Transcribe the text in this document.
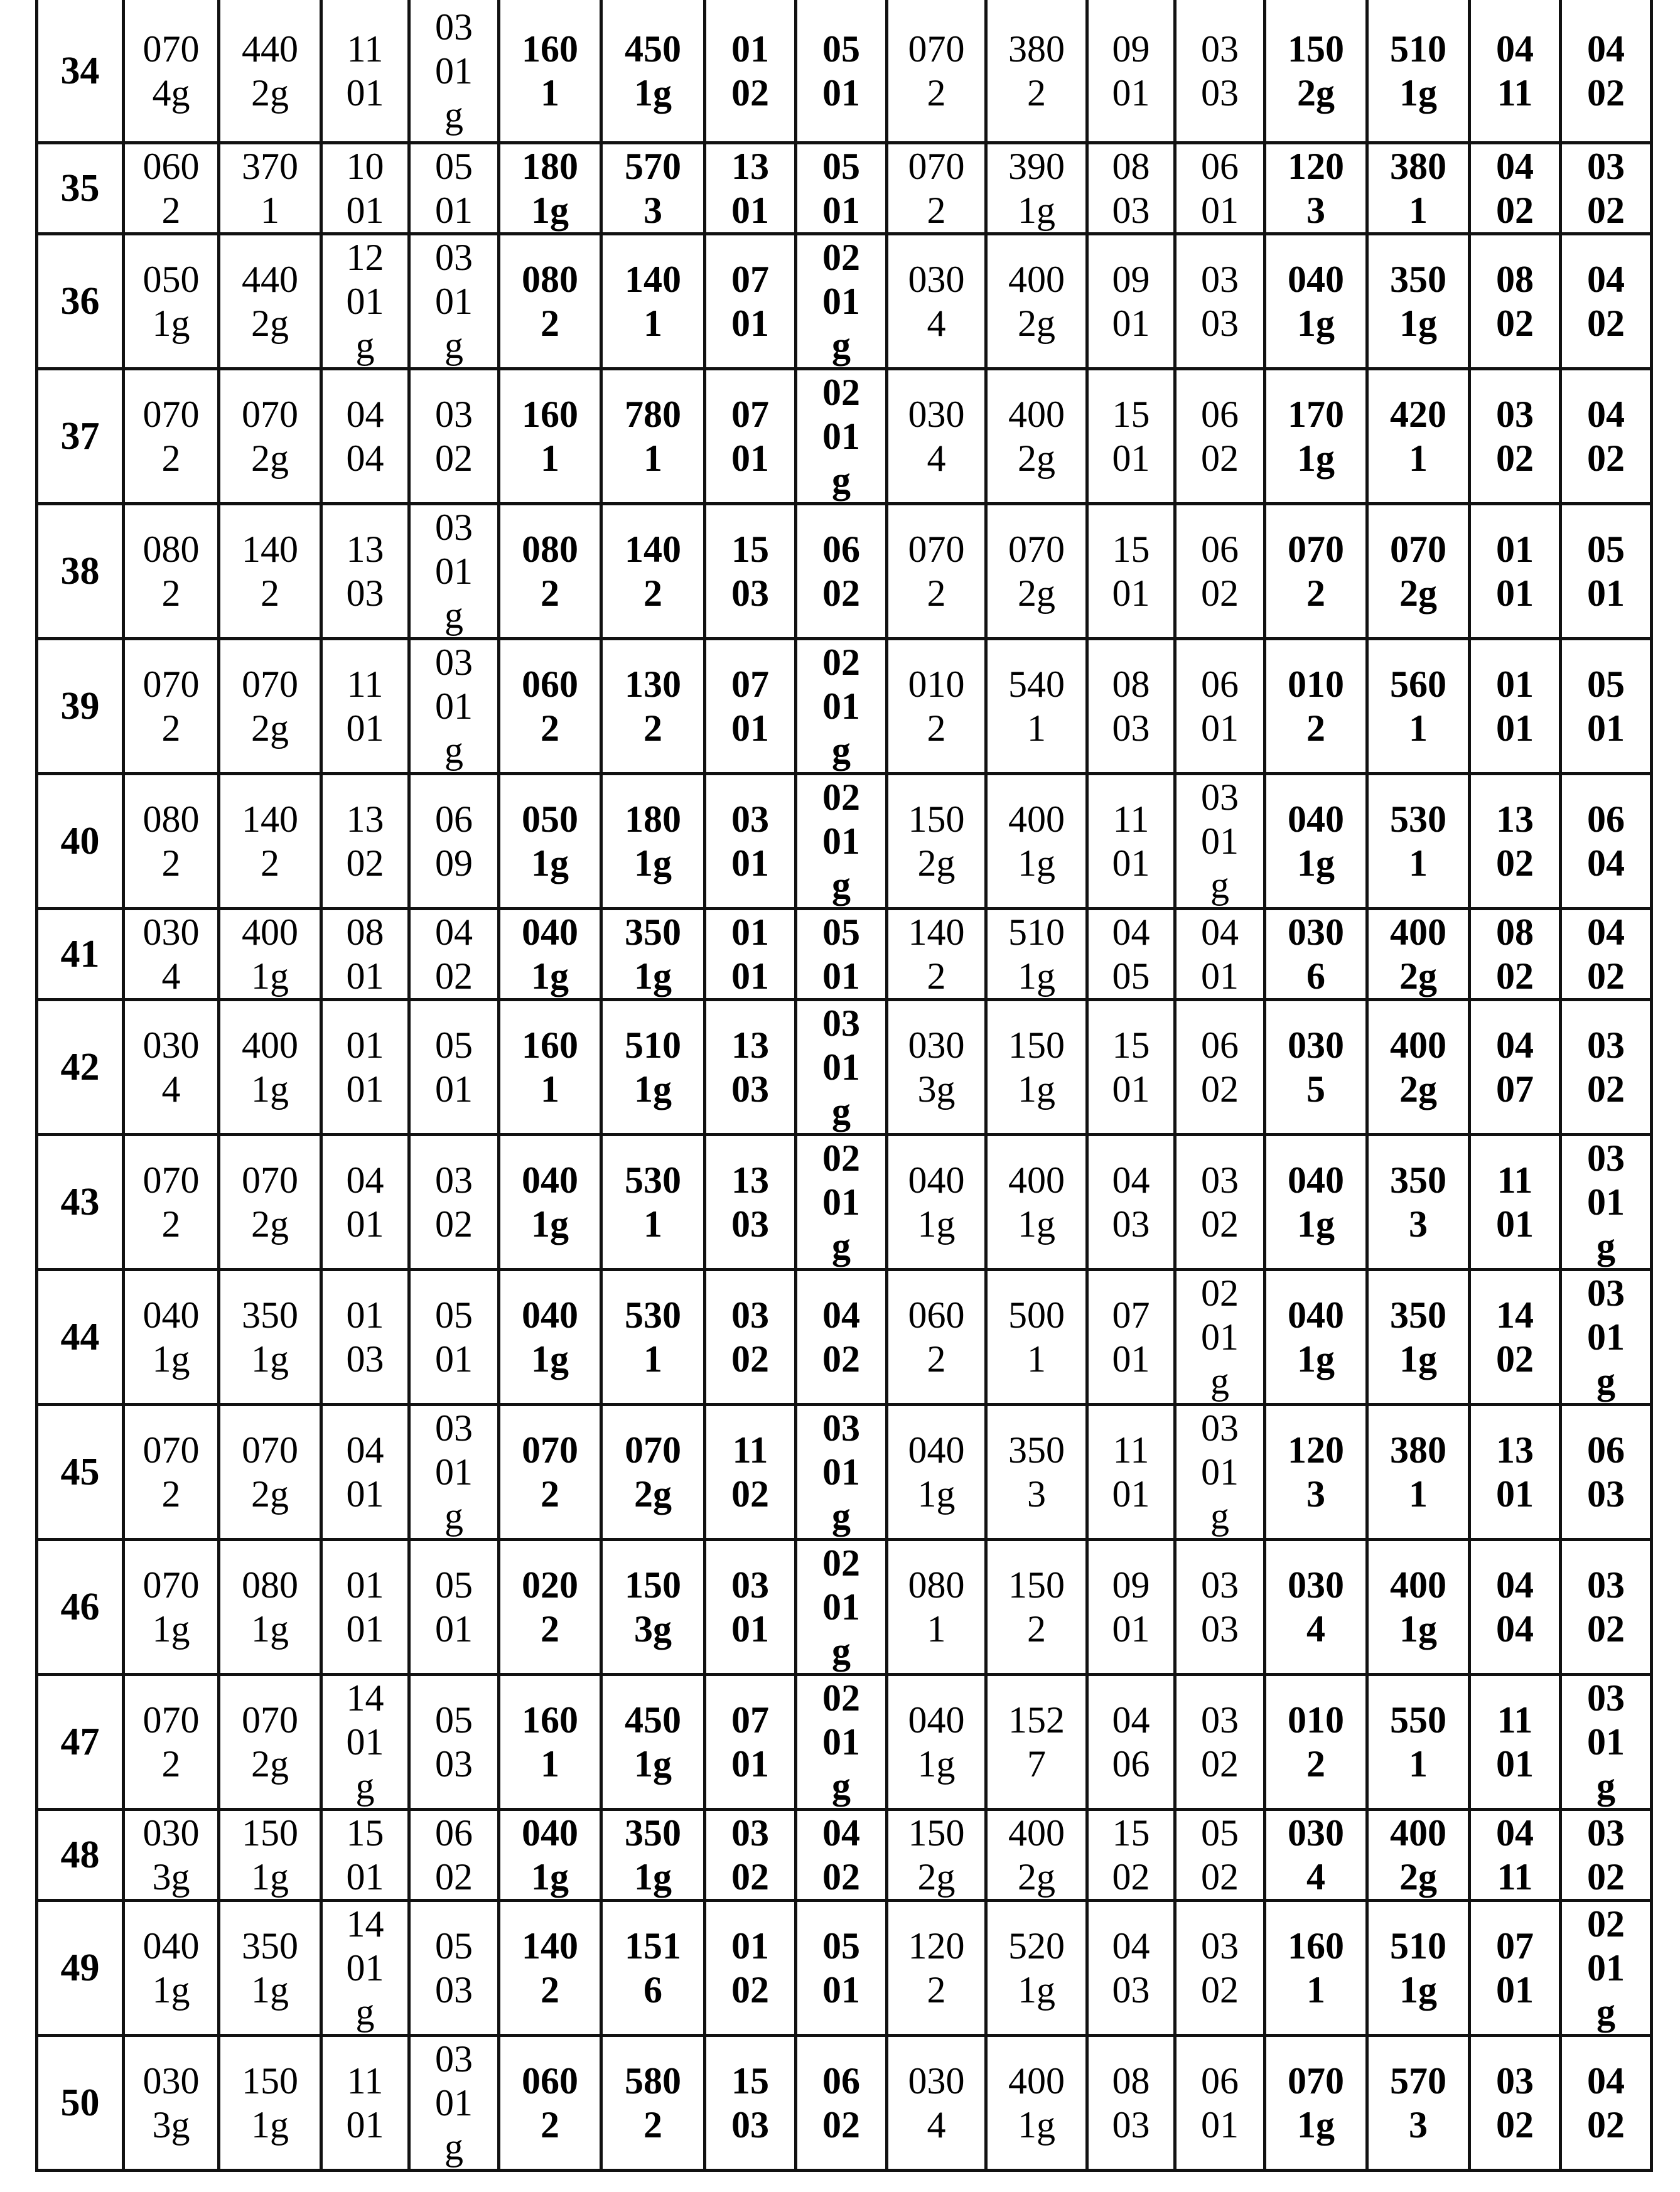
34	070
4g	440
2g	11
01	03
01
g	160
1	450
1g	01
02	05
01	070
2	380
2	09
01	03
03	150
2g	510
1g	04
11	04
02
35	060
2	370
1	10
01	05
01	180
1g	570
3	13
01	05
01	070
2	390
1g	08
03	06
01	120
3	380
1	04
02	03
02
36	050
1g	440
2g	12
01
g	03
01
g	080
2	140
1	07
01	02
01
g	030
4	400
2g	09
01	03
03	040
1g	350
1g	08
02	04
02
37	070
2	070
2g	04
04	03
02	160
1	780
1	07
01	02
01
g	030
4	400
2g	15
01	06
02	170
1g	420
1	03
02	04
02
38	080
2	140
2	13
03	03
01
g	080
2	140
2	15
03	06
02	070
2	070
2g	15
01	06
02	070
2	070
2g	01
01	05
01
39	070
2	070
2g	11
01	03
01
g	060
2	130
2	07
01	02
01
g	010
2	540
1	08
03	06
01	010
2	560
1	01
01	05
01
40	080
2	140
2	13
02	06
09	050
1g	180
1g	03
01	02
01
g	150
2g	400
1g	11
01	03
01
g	040
1g	530
1	13
02	06
04
41	030
4	400
1g	08
01	04
02	040
1g	350
1g	01
01	05
01	140
2	510
1g	04
05	04
01	030
6	400
2g	08
02	04
02
42	030
4	400
1g	01
01	05
01	160
1	510
1g	13
03	03
01
g	030
3g	150
1g	15
01	06
02	030
5	400
2g	04
07	03
02
43	070
2	070
2g	04
01	03
02	040
1g	530
1	13
03	02
01
g	040
1g	400
1g	04
03	03
02	040
1g	350
3	11
01	03
01
g
44	040
1g	350
1g	01
03	05
01	040
1g	530
1	03
02	04
02	060
2	500
1	07
01	02
01
g	040
1g	350
1g	14
02	03
01
g
45	070
2	070
2g	04
01	03
01
g	070
2	070
2g	11
02	03
01
g	040
1g	350
3	11
01	03
01
g	120
3	380
1	13
01	06
03
46	070
1g	080
1g	01
01	05
01	020
2	150
3g	03
01	02
01
g	080
1	150
2	09
01	03
03	030
4	400
1g	04
04	03
02
47	070
2	070
2g	14
01
g	05
03	160
1	450
1g	07
01	02
01
g	040
1g	152
7	04
06	03
02	010
2	550
1	11
01	03
01
g
48	030
3g	150
1g	15
01	06
02	040
1g	350
1g	03
02	04
02	150
2g	400
2g	15
02	05
02	030
4	400
2g	04
11	03
02
49	040
1g	350
1g	14
01
g	05
03	140
2	151
6	01
02	05
01	120
2	520
1g	04
03	03
02	160
1	510
1g	07
01	02
01
g
50	030
3g	150
1g	11
01	03
01
g	060
2	580
2	15
03	06
02	030
4	400
1g	08
03	06
01	070
1g	570
3	03
02	04
02
